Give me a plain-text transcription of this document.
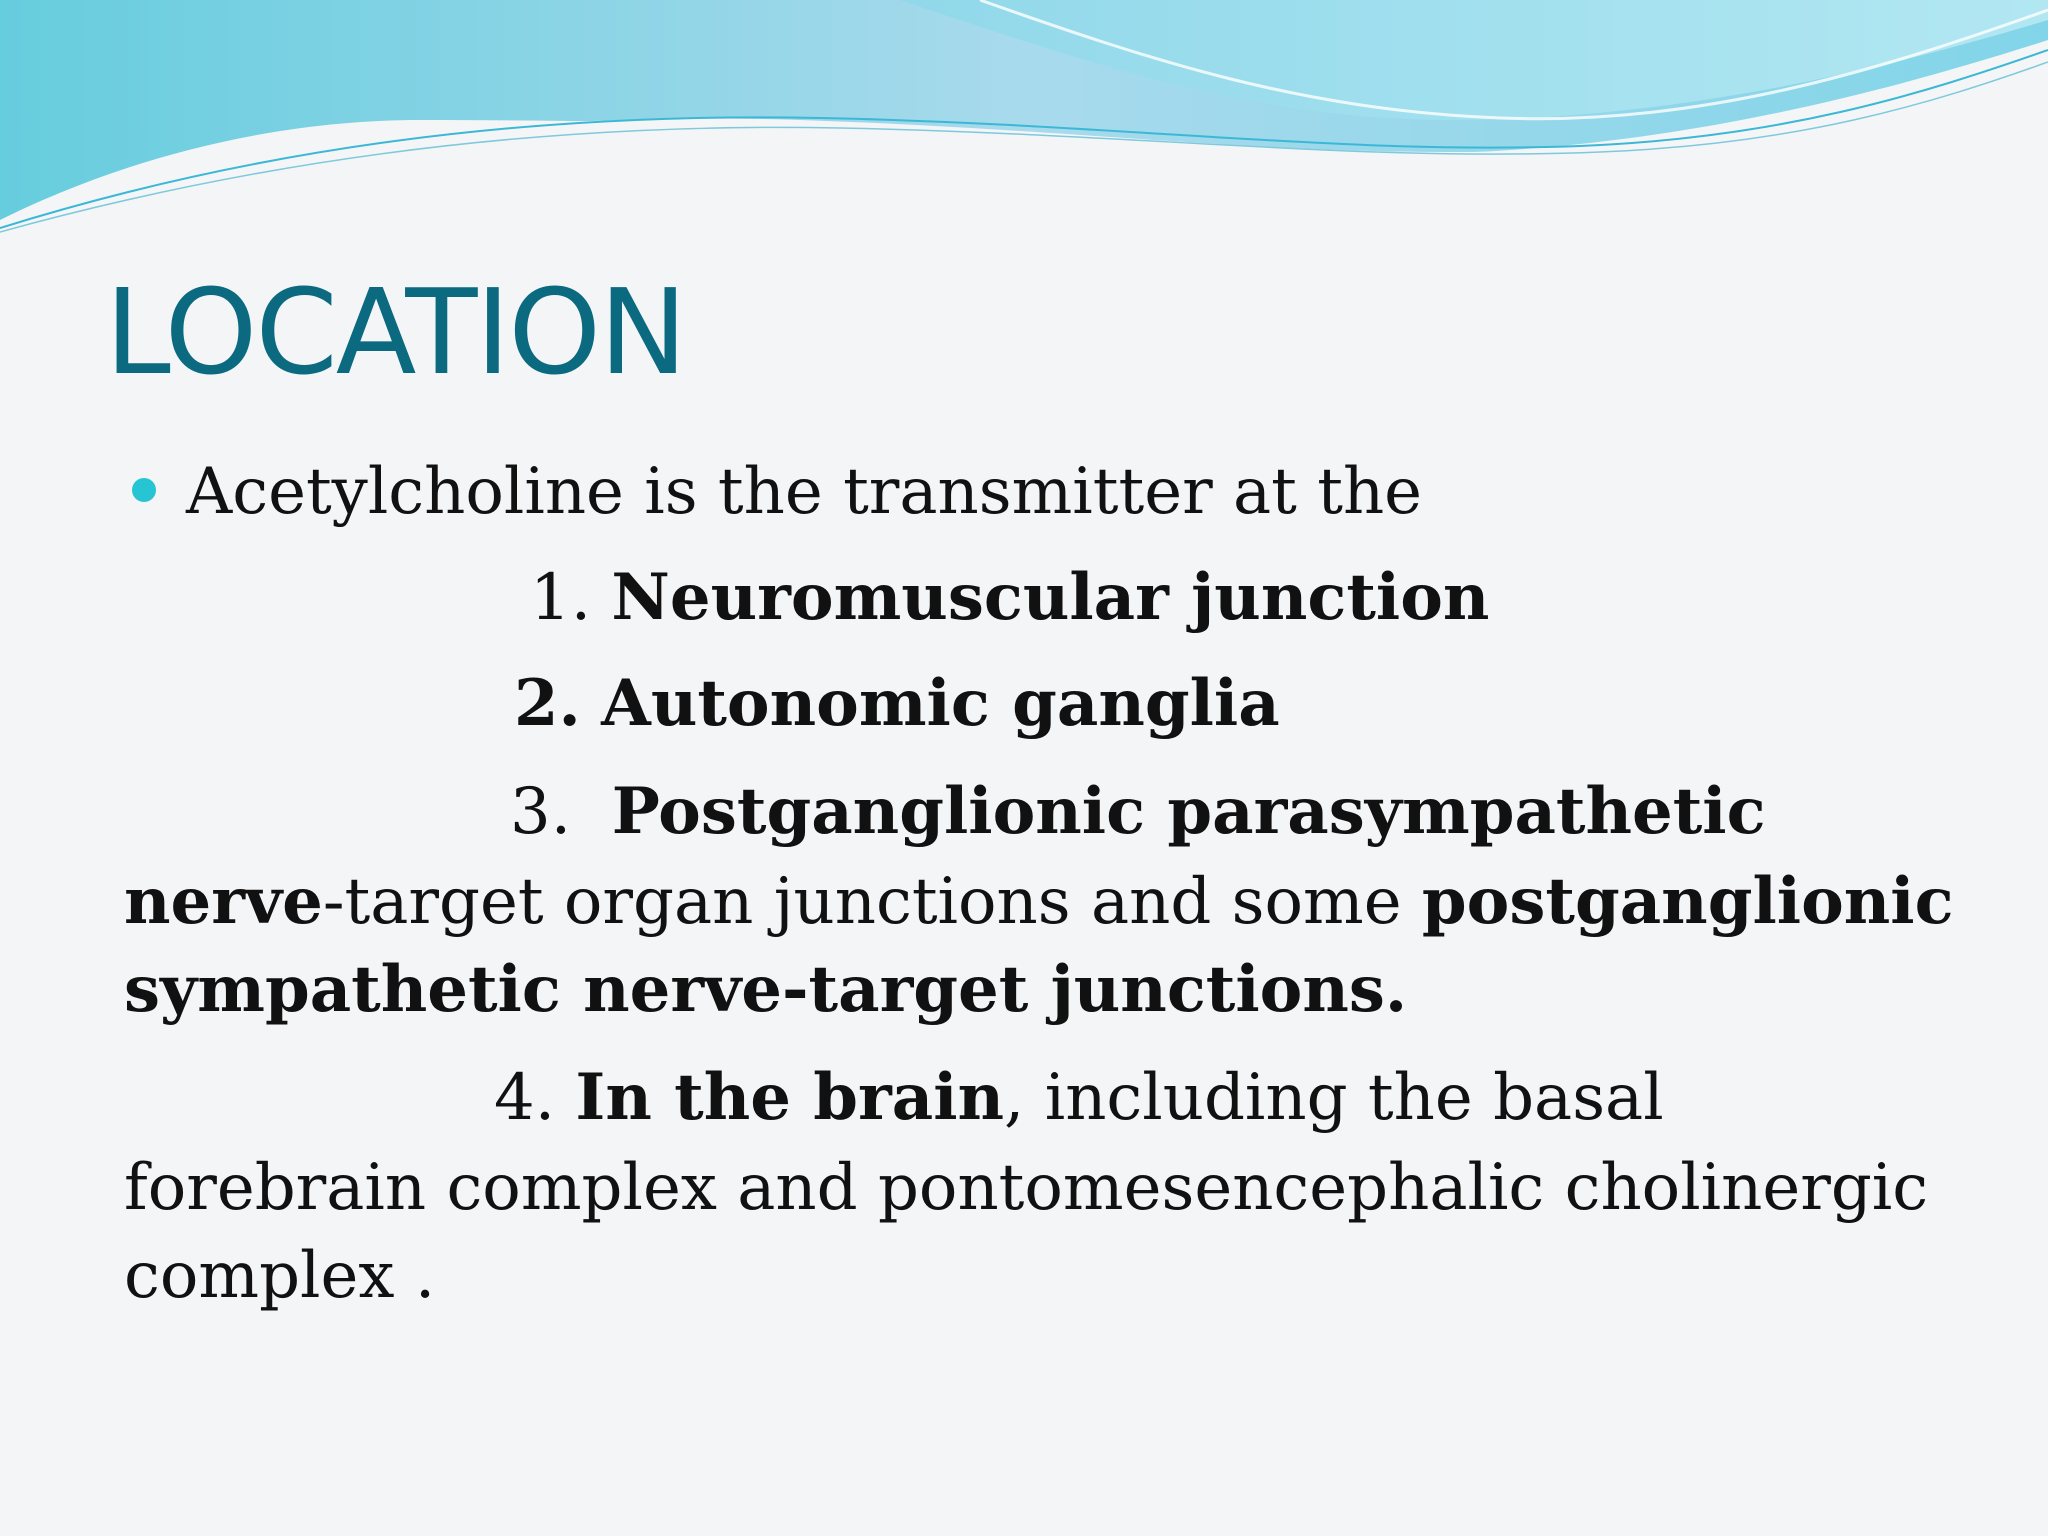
LOCATION
Acetylcholine is the transmitter at the
1. Neuromuscular junction
2. Autonomic ganglia
3. Postganglionic parasympathetic
nerve-target organ junctions and some postganglionic
sympathetic nerve-target junctions.
4. In the brain, including the basal
forebrain complex and pontomesencephalic cholinergic
complex .
